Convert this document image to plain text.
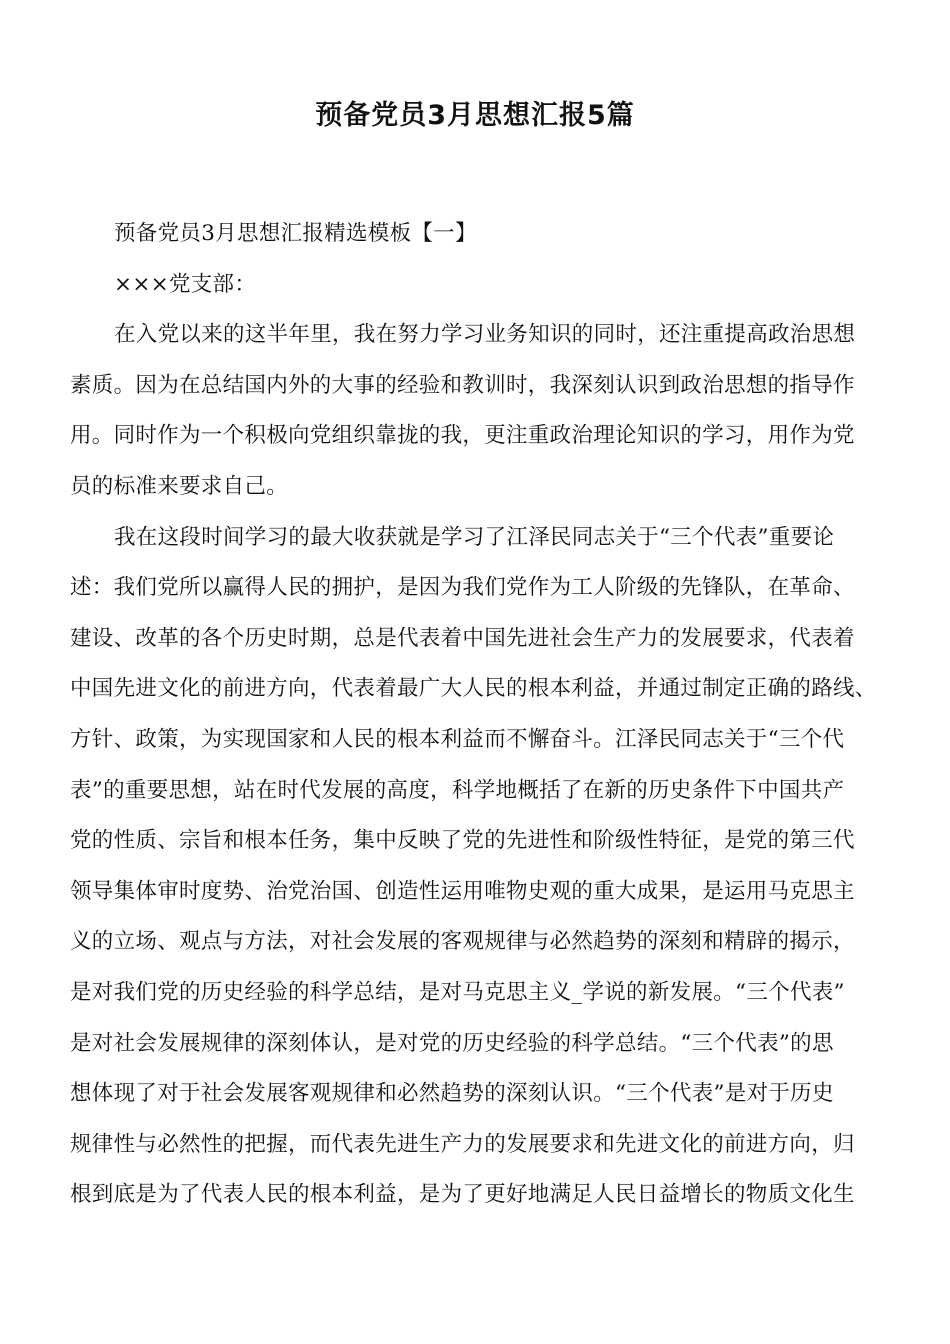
预备党员3月思想汇报5篇
预备党员3月思想汇报精选模板【一】
×××党支部：
在入党以来的这半年里，我在努力学习业务知识的同时，还注重提高政治思想
素质。因为在总结国内外的大事的经验和教训时，我深刻认识到政治思想的指导作
用。同时作为一个积极向党组织靠拢的我，更注重政治理论知识的学习，用作为党
员的标准来要求自己。
我在这段时间学习的最大收获就是学习了江泽民同志关于“三个代表”重要论
述：我们党所以赢得人民的拥护，是因为我们党作为工人阶级的先锋队，在革命、
建设、改革的各个历史时期，总是代表着中国先进社会生产力的发展要求，代表着
中国先进文化的前进方向，代表着最广大人民的根本利益，并通过制定正确的路线、
方针、政策，为实现国家和人民的根本利益而不懈奋斗。江泽民同志关于“三个代
表”的重要思想，站在时代发展的高度，科学地概括了在新的历史条件下中国共产
党的性质、宗旨和根本任务，集中反映了党的先进性和阶级性特征，是党的第三代
领导集体审时度势、治党治国、创造性运用唯物史观的重大成果，是运用马克思主
义的立场、观点与方法，对社会发展的客观规律与必然趋势的深刻和精辟的揭示，
是对我们党的历史经验的科学总结，是对马克思主义_学说的新发展。“三个代表”
是对社会发展规律的深刻体认，是对党的历史经验的科学总结。“三个代表”的思
想体现了对于社会发展客观规律和必然趋势的深刻认识。“三个代表”是对于历史
规律性与必然性的把握，而代表先进生产力的发展要求和先进文化的前进方向，归
根到底是为了代表人民的根本利益，是为了更好地满足人民日益增长的物质文化生
